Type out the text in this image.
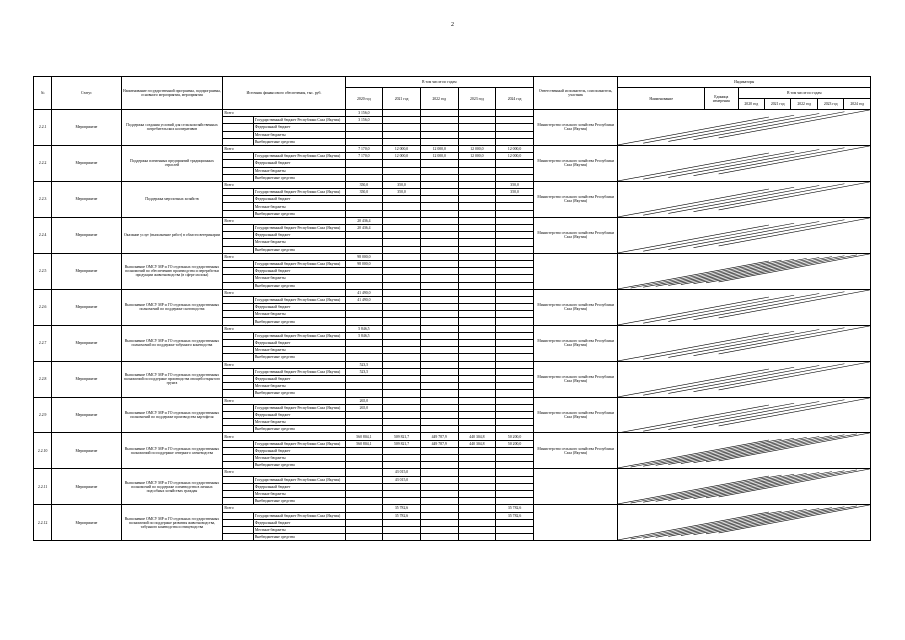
2
№	Статус	Наименование государственной программы, подпрограммы, основного мероприятия, мероприятия	Источник финансового обеспечения, тыс. руб.		В том числе по годам					Ответственный исполнитель, соисполнитель, участник	Индикаторы						
					2020 год	2021 год	2022 год	2023 год	2024 год		Наименование	Единица измерения	В том числе по годам				
													2020 год	2021 год	2022 год	2023 год	2024 год
2.2.1	Мероприятие	Поддержка создания условий для сельскохозяйственных потребительских кооперативов	Всего		3 156,0					Министерство сельского хозяйства Республики Саха (Якутия)	

				Государственный бюджет Республики Саха (Якутия)	3 156,0												
				Федеральный бюджет													
				Местные бюджеты													
				Внебюджетные средства													
2.2.2	Мероприятие	Поддержка племенных предприятий традиционных отраслей	Всего		7 170,0	12 000,0	12 000,0	12 000,0	12 000,0	Министерство сельского хозяйства Республики Саха (Якутия)	

				Государственный бюджет Республики Саха (Якутия)	7 170,0	12 000,0	12 000,0	12 000,0	12 000,0								
				Федеральный бюджет													
				Местные бюджеты													
				Внебюджетные средства													
2.2.3	Мероприятие	Поддержка мерзлотных хозяйств	Всего		350,0	350,0			350,0	Министерство сельского хозяйства Республики Саха (Якутия)	

				Государственный бюджет Республики Саха (Якутия)	350,0	350,0			350,0								
				Федеральный бюджет													
				Местные бюджеты													
				Внебюджетные средства													
2.2.4	Мероприятие	Оказание услуг (выполнение работ) в области ветеринарии	Всего		20 436,4					Министерство сельского хозяйства Республики Саха (Якутия)	

				Государственный бюджет Республики Саха (Якутия)	20 436,4												
				Федеральный бюджет													
				Местные бюджеты													
				Внебюджетные средства													
2.2.5	Мероприятие	Выполнение ОМСУ МР и ГО отдельных государственных полномочий по обеспечению производства и переработки продукции животноводства (в сфере молока)	Всего		98 000,0						

				Государственный бюджет Республики Саха (Якутия)	98 000,0												
				Федеральный бюджет													
				Местные бюджеты													
				Внебюджетные средства													
2.2.6	Мероприятие	Выполнение ОМСУ МР и ГО отдельных государственных полномочий по поддержке скотоводства	Всего		41 490,0					Министерство сельского хозяйства Республики Саха (Якутия)	

				Государственный бюджет Республики Саха (Якутия)	41 490,0												
				Федеральный бюджет													
				Местные бюджеты													
				Внебюджетные средства													
2.2.7	Мероприятие	Выполнение ОМСУ МР и ГО отдельных государственных полномочий по поддержке табунного коневодства	Всего		5 846,5					Министерство сельского хозяйства Республики Саха (Якутия)	

				Государственный бюджет Республики Саха (Якутия)	5 846,5												
				Федеральный бюджет													
				Местные бюджеты													
				Внебюджетные средства													
2.2.8	Мероприятие	Выполнение ОМСУ МР и ГО отдельных государственных полномочий по поддержке производства овощей открытого грунта	Всего		523,5					Министерство сельского хозяйства Республики Саха (Якутия)	

				Государственный бюджет Республики Саха (Якутия)	523,5												
				Федеральный бюджет													
				Местные бюджеты													
				Внебюджетные средства													
2.2.9	Мероприятие	Выполнение ОМСУ МР и ГО отдельных государственных полномочий по поддержке производства картофеля	Всего		265,0					Министерство сельского хозяйства Республики Саха (Якутия)	

				Государственный бюджет Республики Саха (Якутия)	265,0												
				Федеральный бюджет													
				Местные бюджеты													
				Внебюджетные средства													
2.2.10	Мероприятие	Выполнение ОМСУ МР и ГО отдельных государственных полномочий по поддержке северного оленеводства	Всего		560 804,1	509 821,7	449 787,9	440 304,8	50 200,0	Министерство сельского хозяйства Республики Саха (Якутия)	

				Государственный бюджет Республики Саха (Якутия)	560 804,1	509 821,7	449 787,9	440 304,8	50 200,0								
				Федеральный бюджет													
				Местные бюджеты													
				Внебюджетные средства													
2.2.11	Мероприятие	Выполнение ОМСУ МР и ГО отдельных государственных полномочий по поддержке оленеводства в личных подсобных хозяйствах граждан	Всего			43 015,0					

				Государственный бюджет Республики Саха (Якутия)		43 015,0											
				Федеральный бюджет													
				Местные бюджеты													
				Внебюджетные средства													
2.2.12	Мероприятие	Выполнение ОМСУ МР и ГО отдельных государственных полномочий по поддержке развития животноводства, табунного коневодства и птицеводства	Всего			35 782,6			35 782,6		

				Государственный бюджет Республики Саха (Якутия)		35 782,6			35 782,6								
				Федеральный бюджет													
				Местные бюджеты													
				Внебюджетные средства													
